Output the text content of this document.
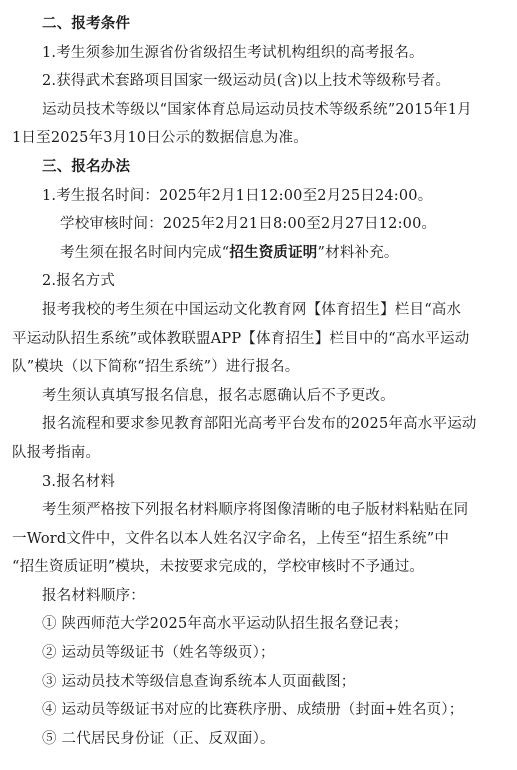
二、报考条件
1.考生须参加生源省份省级招生考试机构组织的高考报名。
2.获得武术套路项目国家一级运动员(含)以上技术等级称号者。
运动员技术等级以“国家体育总局运动员技术等级系统”2015年1月
1日至2025年3月10日公示的数据信息为准。
三、报名办法
1.考生报名时间：2025年2月1日12:00至2月25日24:00。
学校审核时间：2025年2月21日8:00至2月27日12:00。
考生须在报名时间内完成“招生资质证明”材料补充。
2.报名方式
报考我校的考生须在中国运动文化教育网【体育招生】栏目“高水
平运动队招生系统”或体教联盟APP【体育招生】栏目中的“高水平运动
队”模块（以下简称“招生系统”）进行报名。
考生须认真填写报名信息，报名志愿确认后不予更改。
报名流程和要求参见教育部阳光高考平台发布的2025年高水平运动
队报考指南。
3.报名材料
考生须严格按下列报名材料顺序将图像清晰的电子版材料粘贴在同
一Word文件中，文件名以本人姓名汉字命名，上传至“招生系统”中
“招生资质证明”模块，未按要求完成的，学校审核时不予通过。
报名材料顺序：
① 陕西师范大学2025年高水平运动队招生报名登记表；
② 运动员等级证书（姓名等级页）；
③ 运动员技术等级信息查询系统本人页面截图；
④ 运动员等级证书对应的比赛秩序册、成绩册（封面+姓名页）；
⑤ 二代居民身份证（正、反双面）。
